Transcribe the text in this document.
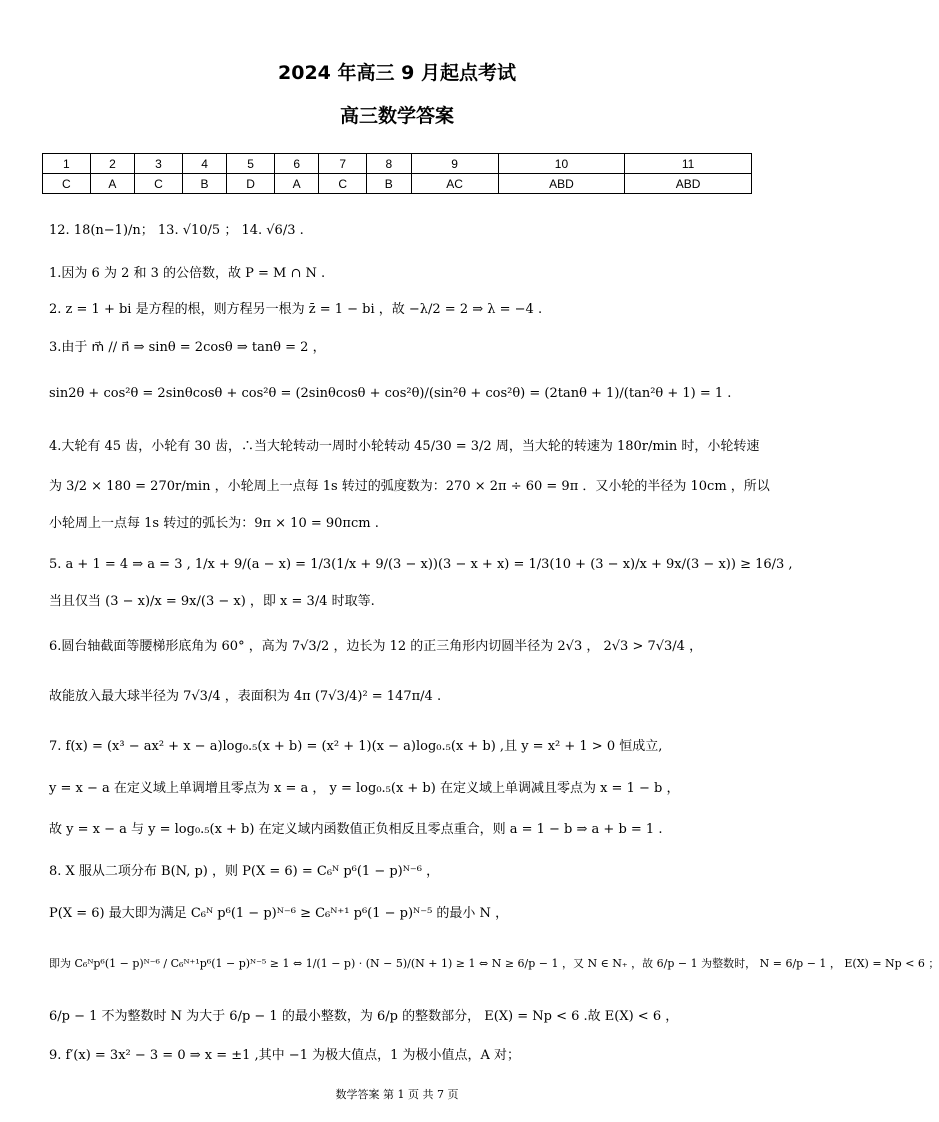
2024 年高三 9 月起点考试
高三数学答案
1	2	3	4	5	6	7	8	9	10	11
C	A	C	B	D	A	C	B	AC	ABD	ABD
12. 18(n−1)/n； 13. √10/5 ； 14. √6/3 .
1.因为 6 为 2 和 3 的公倍数，故 P = M ∩ N .
2. z = 1 + bi 是方程的根，则方程另一根为 z̄ = 1 − bi ，故 −λ/2 = 2 ⇒ λ = −4 .
3.由于 m⃗ // n⃗ ⇒ sinθ = 2cosθ ⇒ tanθ = 2 ，
sin2θ + cos²θ = 2sinθcosθ + cos²θ = (2sinθcosθ + cos²θ)/(sin²θ + cos²θ) = (2tanθ + 1)/(tan²θ + 1) = 1 .
4.大轮有 45 齿，小轮有 30 齿，∴当大轮转动一周时小轮转动 45/30 = 3/2 周，当大轮的转速为 180r/min 时，小轮转速
为 3/2 × 180 = 270r/min ，小轮周上一点每 1s 转过的弧度数为：270 × 2π ÷ 60 = 9π ．又小轮的半径为 10cm ，所以
小轮周上一点每 1s 转过的弧长为：9π × 10 = 90πcm .
5. a + 1 = 4 ⇒ a = 3 , 1/x + 9/(a − x) = 1/3(1/x + 9/(3 − x))(3 − x + x) = 1/3(10 + (3 − x)/x + 9x/(3 − x)) ≥ 16/3 ,
当且仅当 (3 − x)/x = 9x/(3 − x) ，即 x = 3/4 时取等.
6.圆台轴截面等腰梯形底角为 60° ，高为 7√3/2 ，边长为 12 的正三角形内切圆半径为 2√3 ， 2√3 > 7√3/4 ，
故能放入最大球半径为 7√3/4 ，表面积为 4π (7√3/4)² = 147π/4 .
7. f(x) = (x³ − ax² + x − a)log₀.₅(x + b) = (x² + 1)(x − a)log₀.₅(x + b) ,且 y = x² + 1 > 0 恒成立,
y = x − a 在定义域上单调增且零点为 x = a ， y = log₀.₅(x + b) 在定义域上单调减且零点为 x = 1 − b ，
故 y = x − a 与 y = log₀.₅(x + b) 在定义域内函数值正负相反且零点重合，则 a = 1 − b ⇒ a + b = 1 .
8. X 服从二项分布 B(N, p) ，则 P(X = 6) = C₆ᴺ p⁶(1 − p)ᴺ⁻⁶ ，
P(X = 6) 最大即为满足 C₆ᴺ p⁶(1 − p)ᴺ⁻⁶ ≥ C₆ᴺ⁺¹ p⁶(1 − p)ᴺ⁻⁵ 的最小 N ，
即为 C₆ᴺp⁶(1 − p)ᴺ⁻⁶ / C₆ᴺ⁺¹p⁶(1 − p)ᴺ⁻⁵ ≥ 1 ⇔ 1/(1 − p) · (N − 5)/(N + 1) ≥ 1 ⇔ N ≥ 6/p − 1 ，又 N ∈ N₊ ，故 6/p − 1 为整数时， N = 6/p − 1 ， E(X) = Np < 6 ；
6/p − 1 不为整数时 N 为大于 6/p − 1 的最小整数，为 6/p 的整数部分， E(X) = Np < 6 .故 E(X) < 6 ，
9. f′(x) = 3x² − 3 = 0 ⇒ x = ±1 ,其中 −1 为极大值点，1 为极小值点，A 对；
数学答案 第 1 页 共 7 页
